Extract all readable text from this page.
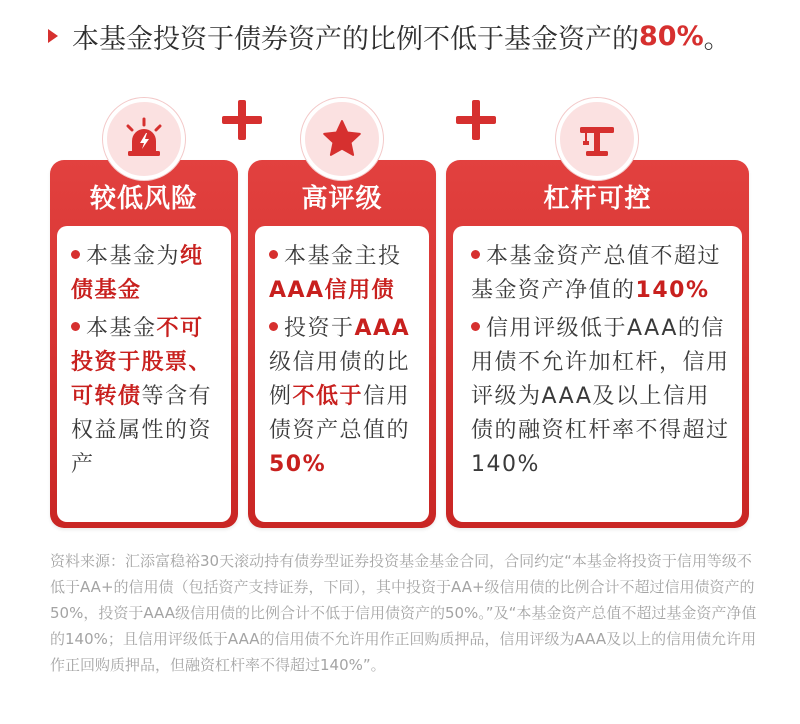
本基金投资于债券资产的比例不低于基金资产的 80% 。
较低风险
本基金为纯债基金
本基金不可投资于股票、可转债等含有权益属性的资产
高评级
本基金主投AAA信用债
投资于AAA级信用债的比例不低于信用债资产总值的50%
杠杆可控
本基金资产总值不超过基金资产净值的140%
信用评级低于AAA的信用债不允许加杠杆，信用评级为AAA及以上信用债的融资杠杆率不得超过140%
资料来源：汇添富稳裕30天滚动持有债券型证券投资基金基金合同，合同约定“本基金将投资于信用等级不低于AA+的信用债（包括资产支持证券，下同），其中投资于AA+级信用债的比例合计不超过信用债资产的50%，投资于AAA级信用债的比例合计不低于信用债资产的50%。”及“本基金资产总值不超过基金资产净值的140%；且信用评级低于AAA的信用债不允许用作正回购质押品，信用评级为AAA及以上的信用债允许用作正回购质押品，但融资杠杆率不得超过140%”。
